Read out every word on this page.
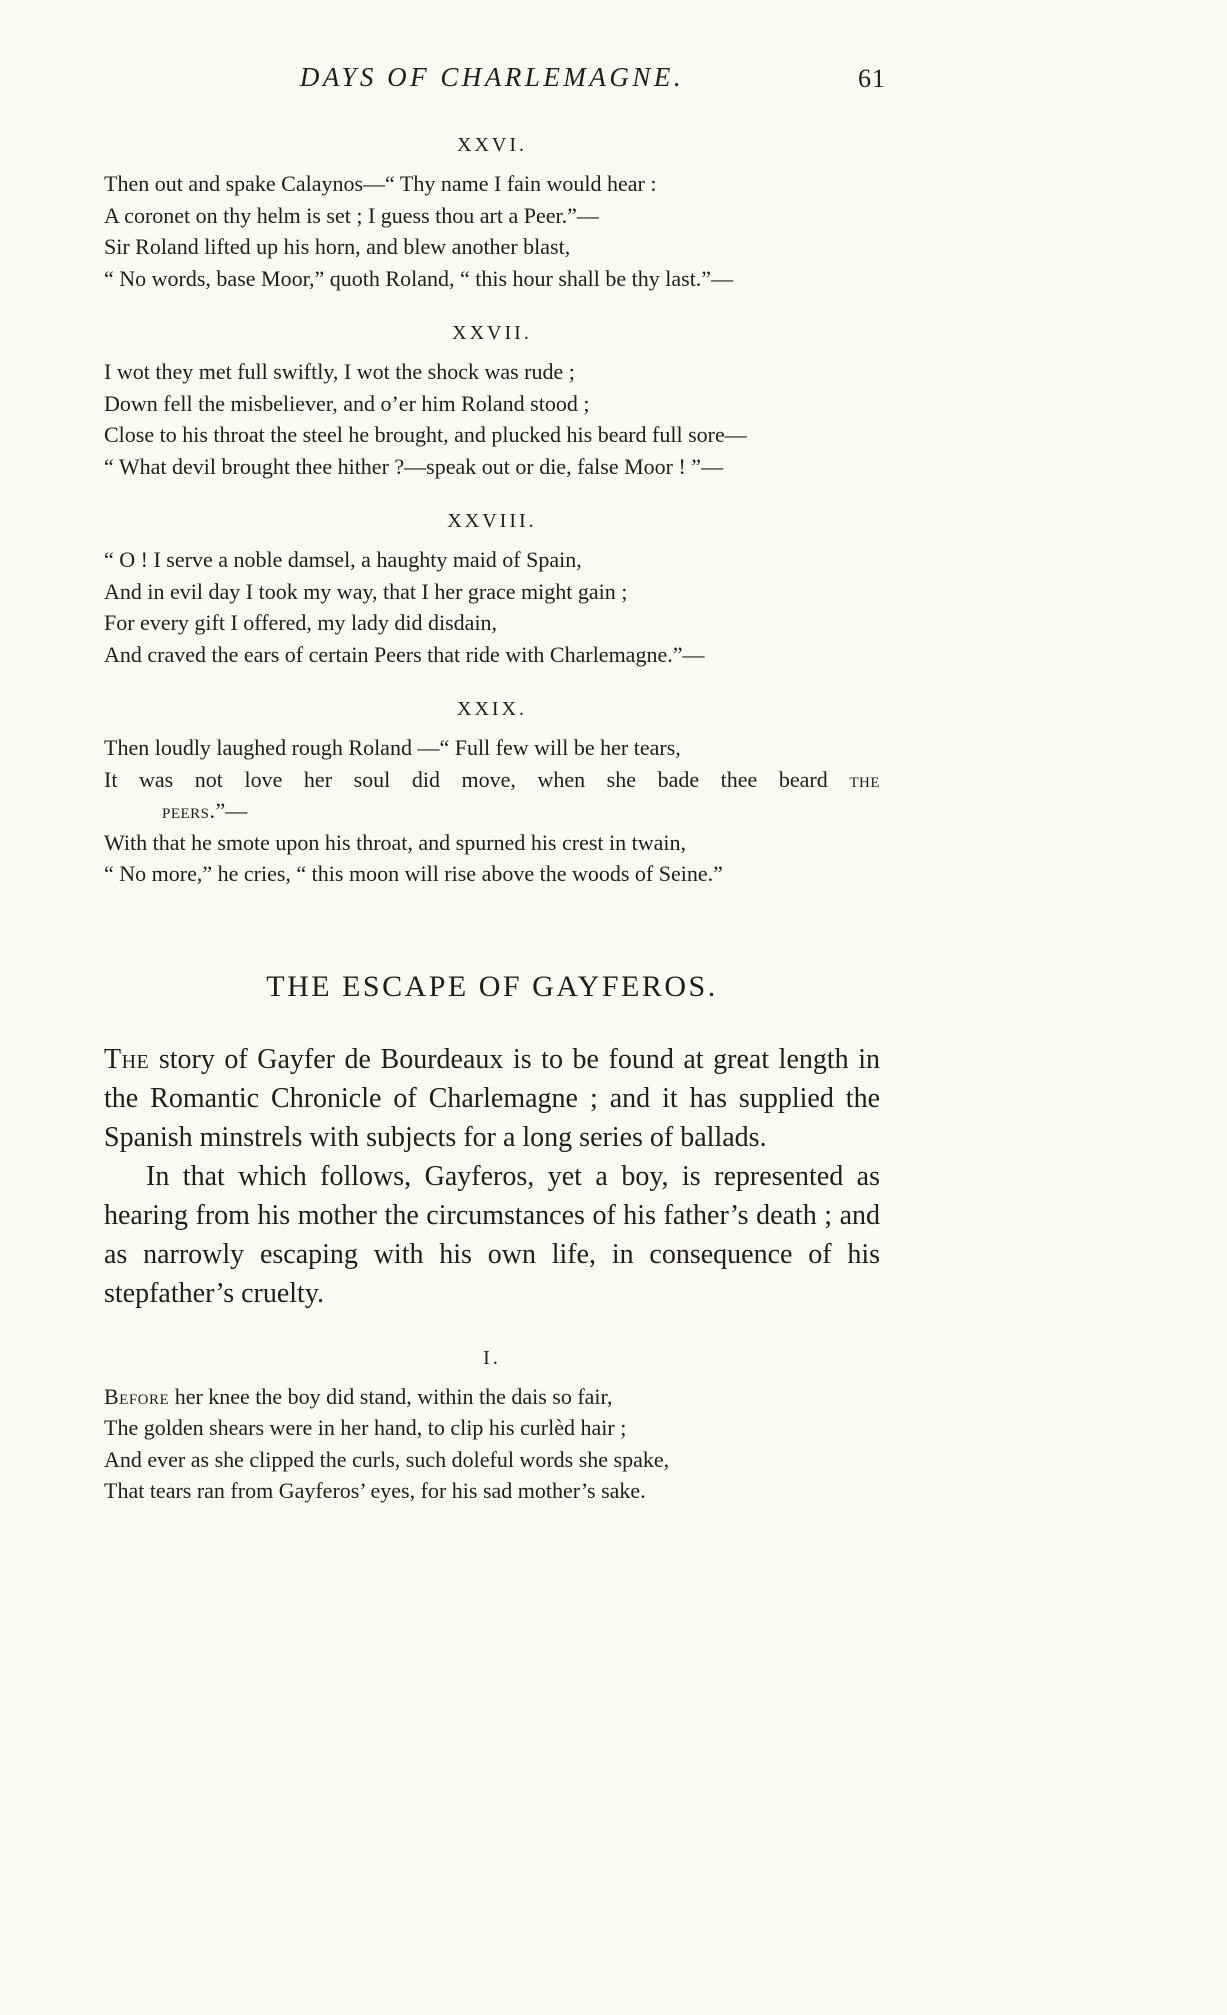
DAYS OF CHARLEMAGNE.	61
XXVI.
Then out and spake Calaynos—“ Thy name I fain would hear :
A coronet on thy helm is set ; I guess thou art a Peer.”—
Sir Roland lifted up his horn, and blew another blast,
“ No words, base Moor,” quoth Roland, “ this hour shall be thy last.”—
XXVII.
I wot they met full swiftly, I wot the shock was rude ;
Down fell the misbeliever, and o’er him Roland stood ;
Close to his throat the steel he brought, and plucked his beard full sore—
“ What devil brought thee hither ?—speak out or die, false Moor ! ”—
XXVIII.
“ O ! I serve a noble damsel, a haughty maid of Spain,
And in evil day I took my way, that I her grace might gain ;
For every gift I offered, my lady did disdain,
And craved the ears of certain Peers that ride with Charlemagne.”—
XXIX.
Then loudly laughed rough Roland —“ Full few will be her tears,
It was not love her soul did move, when she bade thee beard the
peers.”—
With that he smote upon his throat, and spurned his crest in twain,
“ No more,” he cries, “ this moon will rise above the woods of Seine.”
THE ESCAPE OF GAYFEROS.

The story of Gayfer de Bourdeaux is to be found at great length in the Romantic Chronicle of Charlemagne ; and it has supplied the Spanish minstrels with subjects for a long series of ballads.

In that which follows, Gayferos, yet a boy, is represented as hearing from his mother the circumstances of his father’s death ; and as narrowly escaping with his own life, in consequence of his stepfather’s cruelty.

I.
Before her knee the boy did stand, within the dais so fair,
The golden shears were in her hand, to clip his curlèd hair ;
And ever as she clipped the curls, such doleful words she spake,
That tears ran from Gayferos’ eyes, for his sad mother’s sake.
